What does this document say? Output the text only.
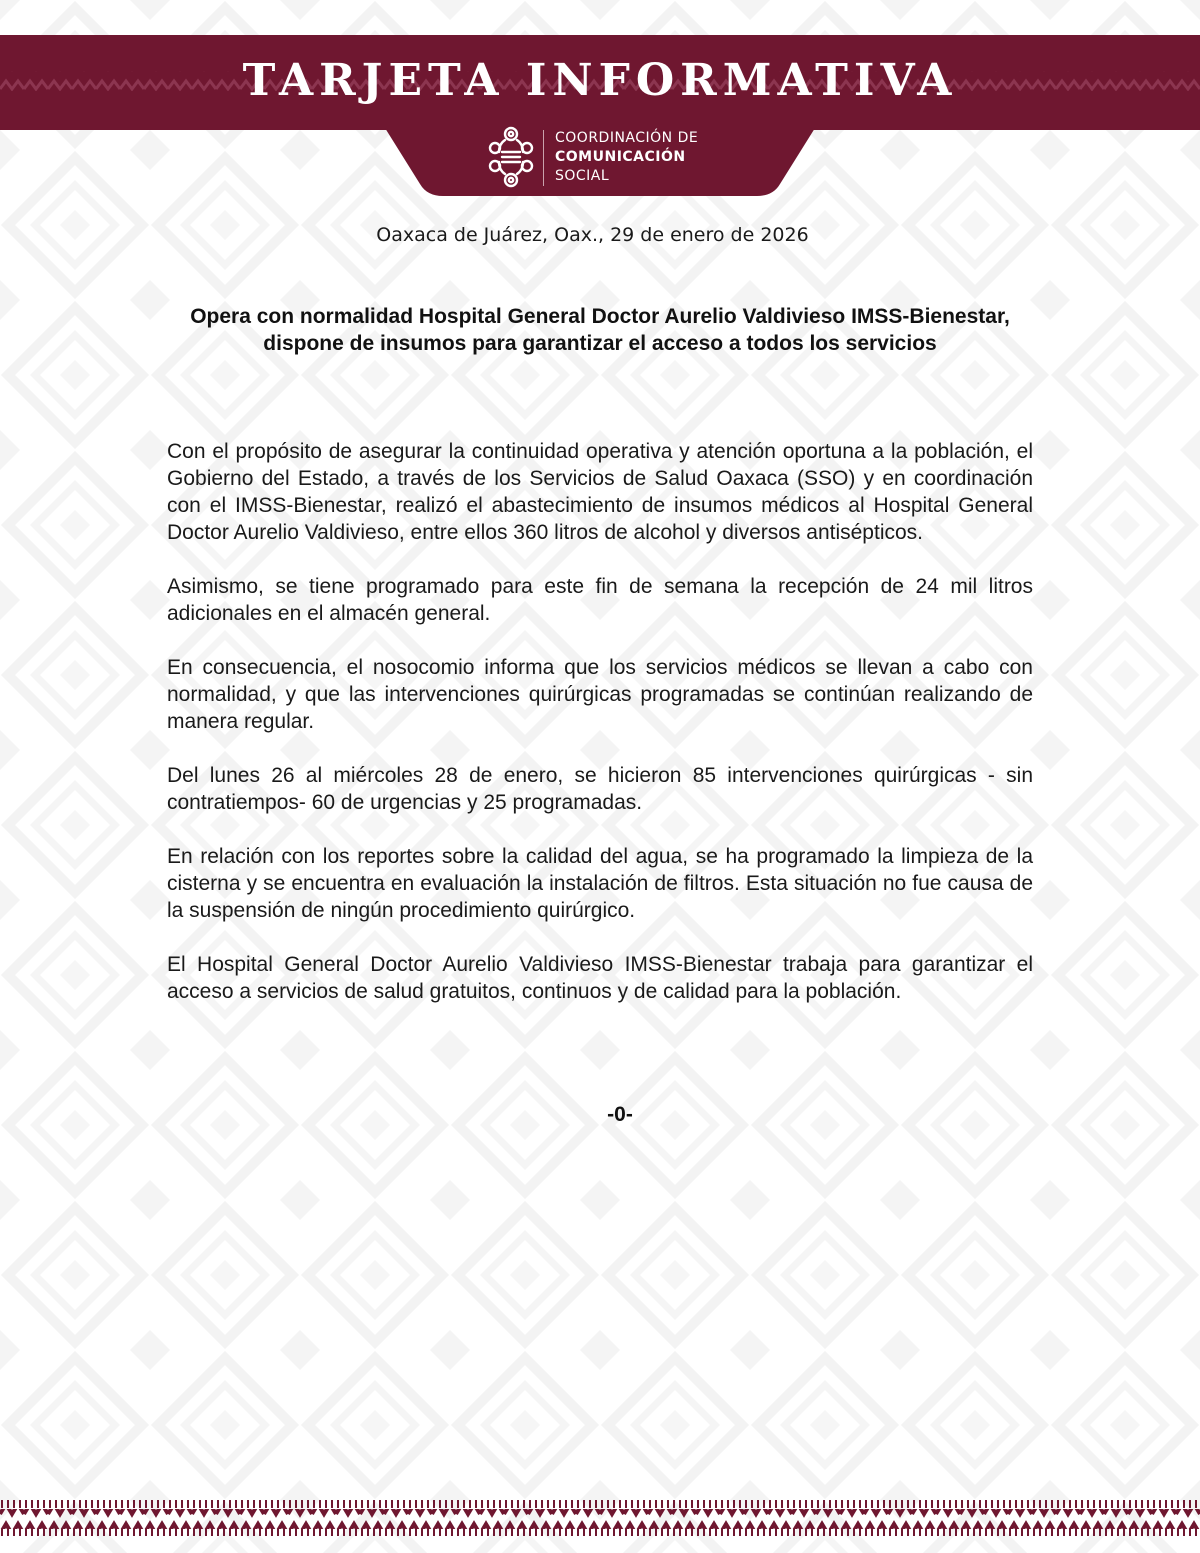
TARJETA INFORMATIVA
COORDINACIÓN DE
COMUNICACIÓN
SOCIAL
Oaxaca de Juárez, Oax., 29 de enero de 2026
Opera con normalidad Hospital General Doctor Aurelio Valdivieso IMSS-Bienestar, dispone de insumos para garantizar el acceso a todos los servicios

Con el propósito de asegurar la continuidad operativa y atención oportuna a la población, el Gobierno del Estado, a través de los Servicios de Salud Oaxaca (SSO) y en coordinación con el IMSS-Bienestar, realizó el abastecimiento de insumos médicos al Hospital General Doctor Aurelio Valdivieso, entre ellos 360 litros de alcohol y diversos antisépticos.

Asimismo, se tiene programado para este fin de semana la recepción de 24 mil litros adicionales en el almacén general.

En consecuencia, el nosocomio informa que los servicios médicos se llevan a cabo con normalidad, y que las intervenciones quirúrgicas programadas se continúan realizando de manera regular.

Del lunes 26 al miércoles 28 de enero, se hicieron 85 intervenciones quirúrgicas - sin contratiempos- 60 de urgencias y 25 programadas.

En relación con los reportes sobre la calidad del agua, se ha programado la limpieza de la cisterna y se encuentra en evaluación la instalación de filtros. Esta situación no fue causa de la suspensión de ningún procedimiento quirúrgico.

El Hospital General Doctor Aurelio Valdivieso IMSS-Bienestar trabaja para garantizar el acceso a servicios de salud gratuitos, continuos y de calidad para la población.

-0-
